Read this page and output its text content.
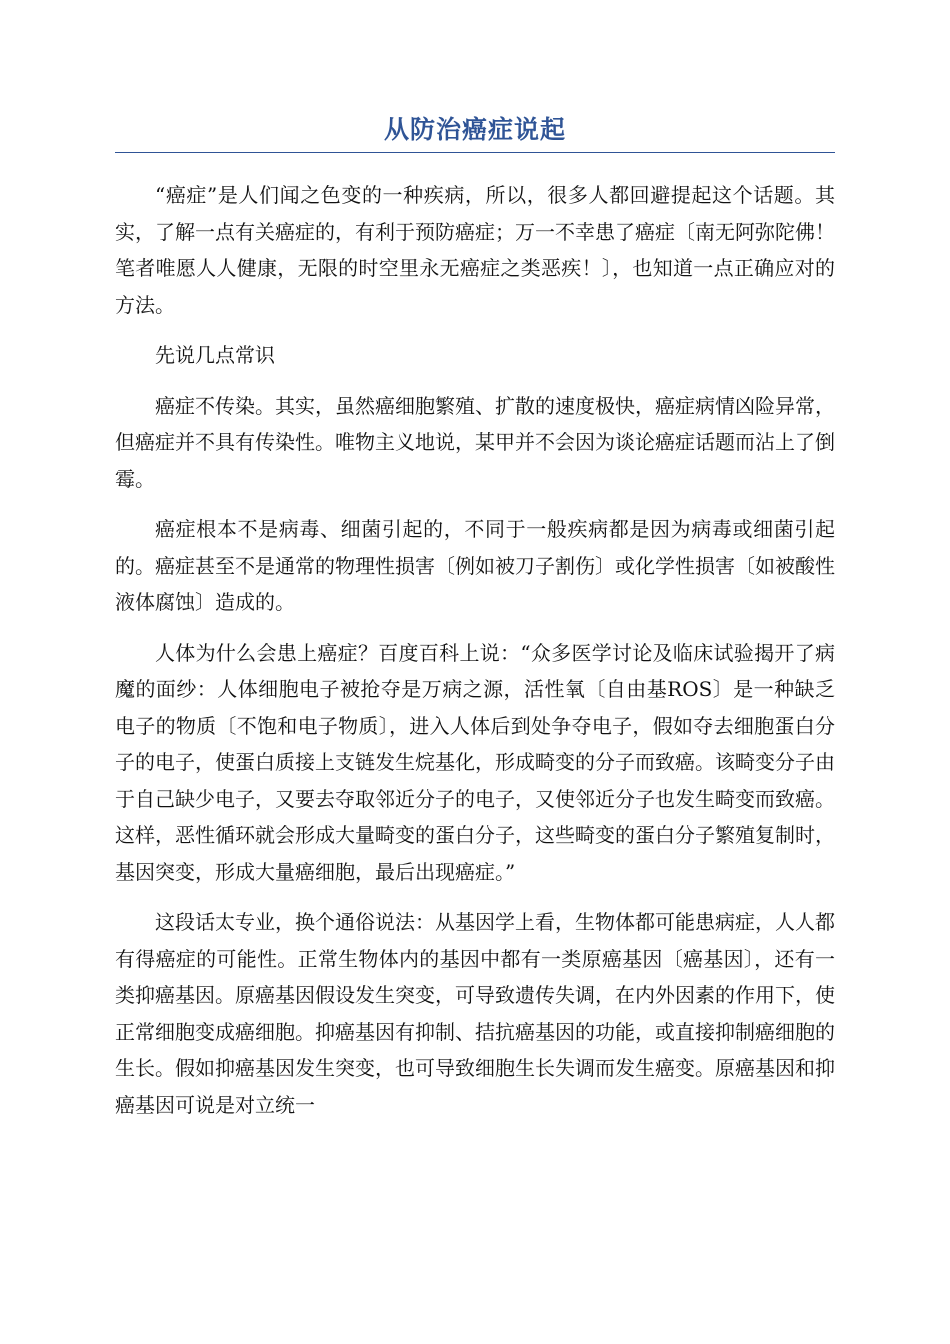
从防治癌症说起

“癌症”是人们闻之色变的一种疾病，所以，很多人都回避提起这个话题。其实，了解一点有关癌症的，有利于预防癌症；万一不幸患了癌症〔南无阿弥陀佛！笔者唯愿人人健康，无限的时空里永无癌症之类恶疾！〕，也知道一点正确应对的方法。

先说几点常识

癌症不传染。其实，虽然癌细胞繁殖、扩散的速度极快，癌症病情凶险异常，但癌症并不具有传染性。唯物主义地说，某甲并不会因为谈论癌症话题而沾上了倒霉。

癌症根本不是病毒、细菌引起的，不同于一般疾病都是因为病毒或细菌引起的。癌症甚至不是通常的物理性损害〔例如被刀子割伤〕或化学性损害〔如被酸性液体腐蚀〕造成的。

人体为什么会患上癌症？百度百科上说：“众多医学讨论及临床试验揭开了病魔的面纱：人体细胞电子被抢夺是万病之源，活性氧〔自由基ROS〕是一种缺乏电子的物质〔不饱和电子物质〕，进入人体后到处争夺电子，假如夺去细胞蛋白分子的电子，使蛋白质接上支链发生烷基化，形成畸变的分子而致癌。该畸变分子由于自己缺少电子，又要去夺取邻近分子的电子，又使邻近分子也发生畸变而致癌。这样，恶性循环就会形成大量畸变的蛋白分子，这些畸变的蛋白分子繁殖复制时，基因突变，形成大量癌细胞，最后出现癌症。”

这段话太专业，换个通俗说法：从基因学上看，生物体都可能患病症，人人都有得癌症的可能性。正常生物体内的基因中都有一类原癌基因〔癌基因〕，还有一类抑癌基因。原癌基因假设发生突变，可导致遗传失调，在内外因素的作用下，使正常细胞变成癌细胞。抑癌基因有抑制、拮抗癌基因的功能，或直接抑制癌细胞的生长。假如抑癌基因发生突变，也可导致细胞生长失调而发生癌变。原癌基因和抑癌基因可说是对立统一
